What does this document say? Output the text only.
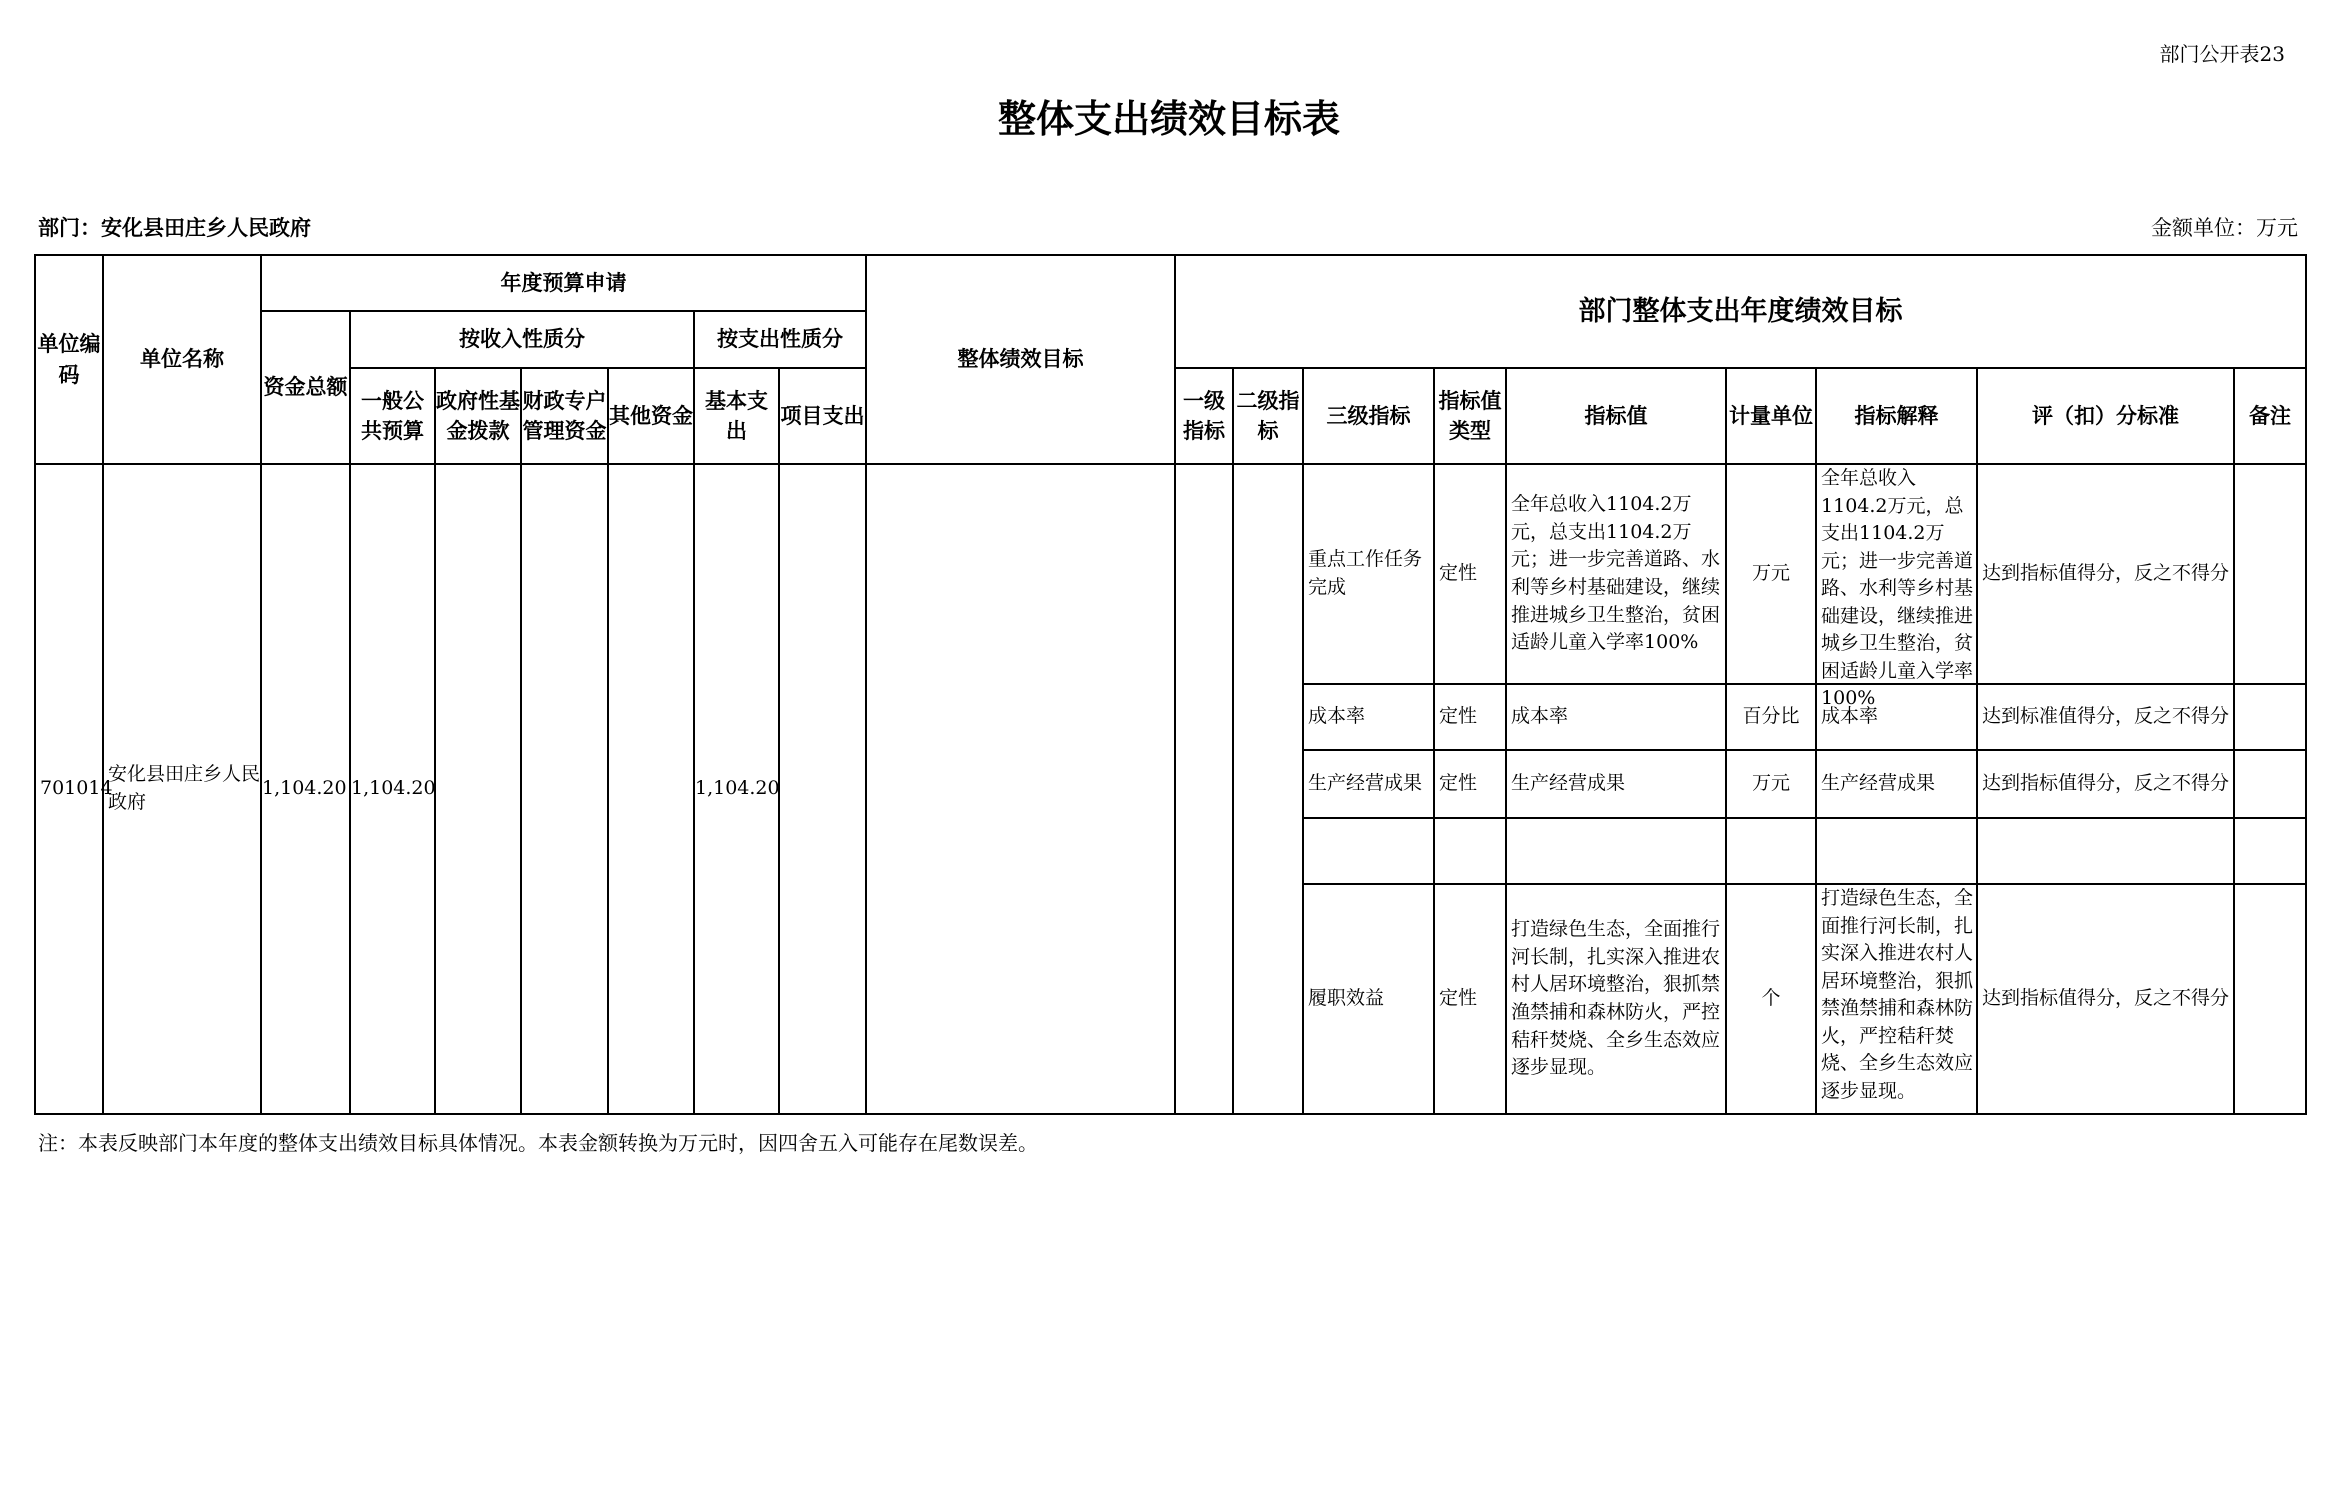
部门公开表23
整体支出绩效目标表
部门：安化县田庄乡人民政府	金额单位：万元
单位编码	单位名称	年度预算申请							整体绩效目标	部门整体支出年度绩效目标								
		资金总额	按收入性质分				按支出性质分											
			一般公共预算	政府性基金拨款	财政专户管理资金	其他资金	基本支出	项目支出		一级指标	二级指标	三级指标	指标值类型	指标值	计量单位	指标解释	评（扣）分标准	备注
701014	安化县田庄乡人民政府	1,104.20	1,104.20				1,104.20					重点工作任务完成	定性	全年总收入1104.2万元，总支出1104.2万元；进一步完善道路、水利等乡村基础建设，继续推进城乡卫生整治，贫困适龄儿童入学率100%	万元	全年总收入1104.2万元，总支出1104.2万元；进一步完善道路、水利等乡村基础建设，继续推进城乡卫生整治，贫困适龄儿童入学率100%	达到指标值得分，反之不得分	
												成本率	定性	成本率	百分比	成本率	达到标准值得分，反之不得分	
												生产经营成果	定性	生产经营成果	万元	生产经营成果	达到指标值得分，反之不得分	

												履职效益	定性	打造绿色生态，全面推行河长制，扎实深入推进农村人居环境整治，狠抓禁渔禁捕和森林防火，严控秸秆焚烧、全乡生态效应逐步显现。	个	打造绿色生态，全面推行河长制，扎实深入推进农村人居环境整治，狠抓禁渔禁捕和森林防火，严控秸秆焚烧、全乡生态效应逐步显现。	达到指标值得分，反之不得分	
注：本表反映部门本年度的整体支出绩效目标具体情况。本表金额转换为万元时，因四舍五入可能存在尾数误差。
